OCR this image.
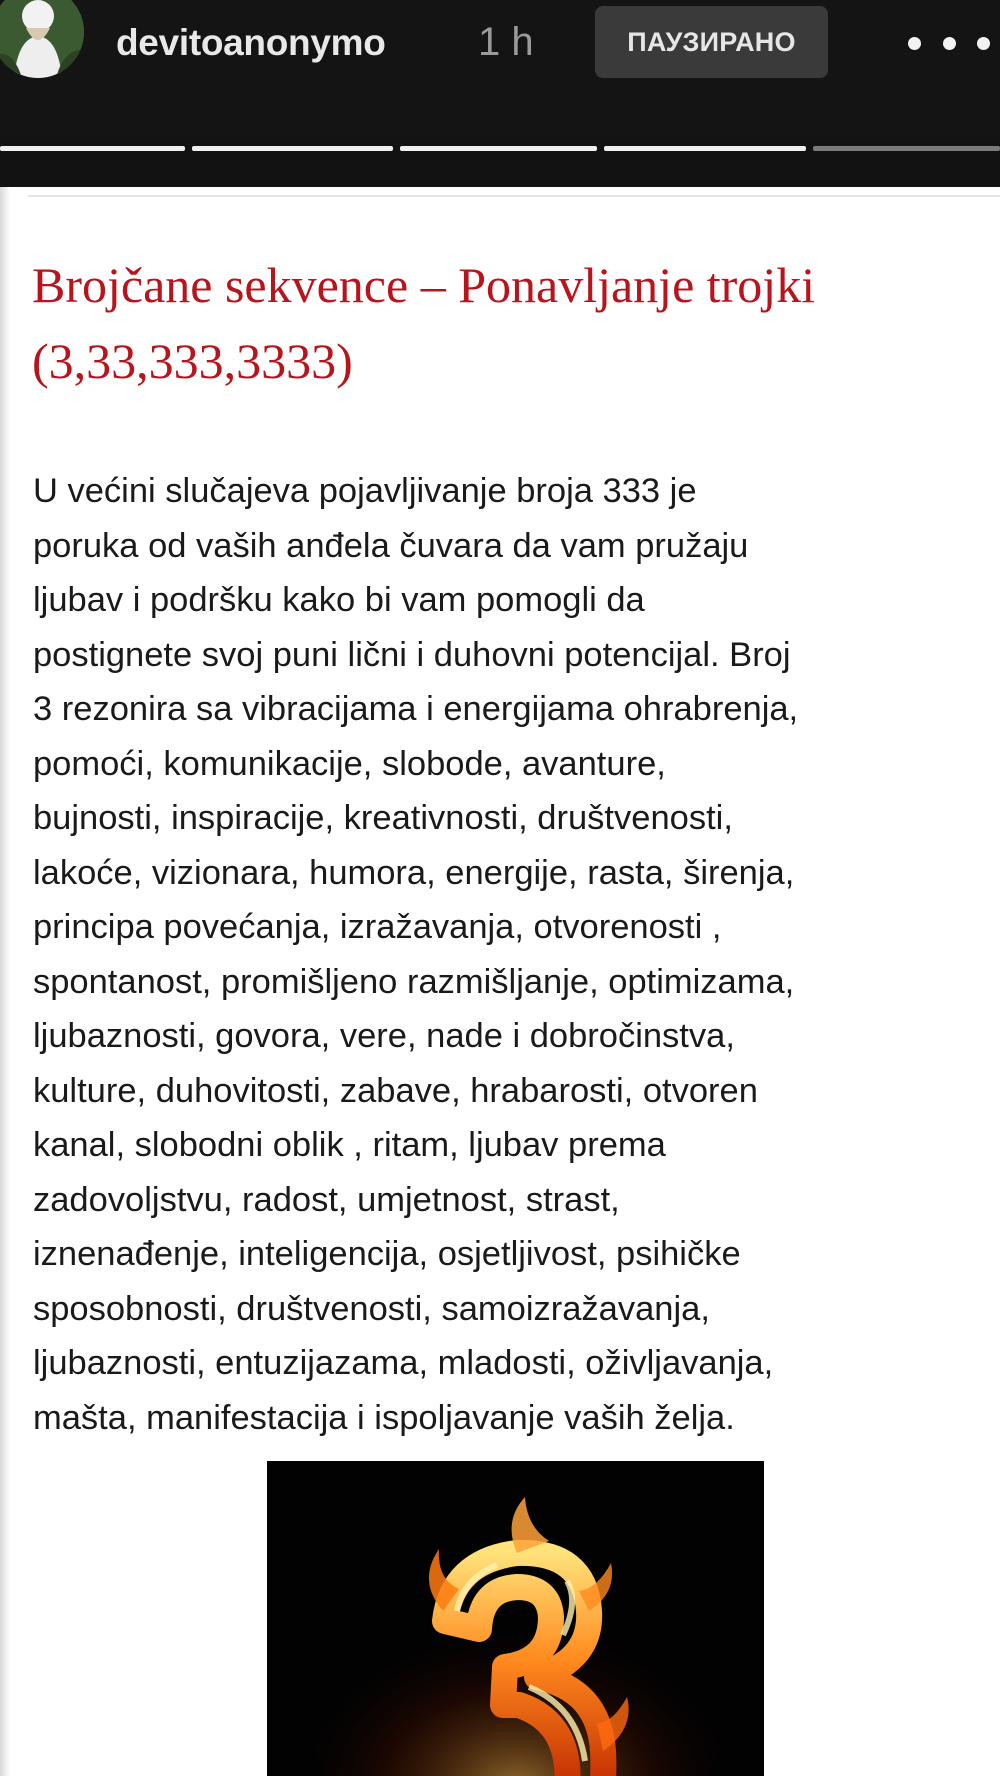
devitoanonymo 1 h	ПАУЗИРАНО
Brojčane sekvence – Ponavljanje trojki (3,33,333,3333)

U većini slučajeva pojavljivanje broja 333 je
poruka od vaših anđela čuvara da vam pružaju
ljubav i podršku kako bi vam pomogli da
postignete svoj puni lični i duhovni potencijal. Broj
3 rezonira sa vibracijama i energijama ohrabrenja,
pomoći, komunikacije, slobode, avanture,
bujnosti, inspiracije, kreativnosti, društvenosti,
lakoće, vizionara, humora, energije, rasta, širenja,
principa povećanja, izražavanja, otvorenosti ,
spontanost, promišljeno razmišljanje, optimizama,
ljubaznosti, govora, vere, nade i dobročinstva,
kulture, duhovitosti, zabave, hrabarosti, otvoren
kanal, slobodni oblik , ritam, ljubav prema
zadovoljstvu, radost, umjetnost, strast,
iznenađenje, inteligencija, osjetljivost, psihičke
sposobnosti, društvenosti, samoizražavanja,
ljubaznosti, entuzijazama, mladosti, oživljavanja,
mašta, manifestacija i ispoljavanje vaših želja.
